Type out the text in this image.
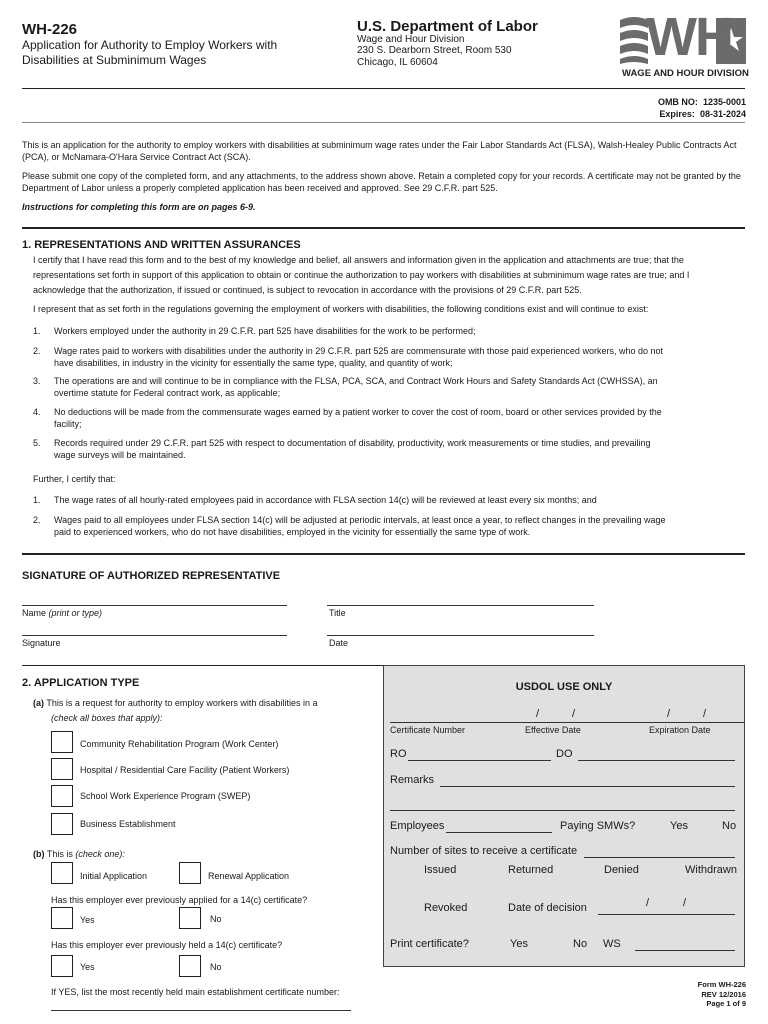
WH-226
Application for Authority to Employ Workers with
Disabilities at Subminimum Wages
U.S. Department of Labor
Wage and Hour Division
230 S. Dearborn Street, Room 530
Chicago, IL 60604	WH
WAGE AND HOUR DIVISION
OMB NO: 1235-0001
Expires: 08-31-2024
This is an application for the authority to employ workers with disabilities at subminimum wage rates under the Fair Labor Standards Act (FLSA), Walsh-Healey Public Contracts Act (PCA), or McNamara-O'Hara Service Contract Act (SCA).
Please submit one copy of the completed form, and any attachments, to the address shown above. Retain a completed copy for your records. A certificate may not be granted by the Department of Labor unless a properly completed application has been received and approved. See 29 C.F.R. part 525.
Instructions for completing this form are on pages 6-9.
1. REPRESENTATIONS AND WRITTEN ASSURANCES
I certify that I have read this form and to the best of my knowledge and belief, all answers and information given in the application and attachments are true; that the representations set forth in support of this application to obtain or continue the authorization to pay workers with disabilities at subminimum wage rates are true; and I acknowledge that the authorization, if issued or continued, is subject to revocation in accordance with the provisions of 29 C.F.R. part 525.
I represent that as set forth in the regulations governing the employment of workers with disabilities, the following conditions exist and will continue to exist:
1. Workers employed under the authority in 29 C.F.R. part 525 have disabilities for the work to be performed;
2. Wage rates paid to workers with disabilities under the authority in 29 C.F.R. part 525 are commensurate with those paid experienced workers, who do not
have disabilities, in industry in the vicinity for essentially the same type, quality, and quantity of work;
3. The operations are and will continue to be in compliance with the FLSA, PCA, SCA, and Contract Work Hours and Safety Standards Act (CWHSSA), an
overtime statute for Federal contract work, as applicable;
4. No deductions will be made from the commensurate wages earned by a patient worker to cover the cost of room, board or other services provided by the
facility;
5. Records required under 29 C.F.R. part 525 with respect to documentation of disability, productivity, work measurements or time studies, and prevailing
wage surveys will be maintained.
Further, I certify that:
1. The wage rates of all hourly-rated employees paid in accordance with FLSA section 14(c) will be reviewed at least every six months; and
2. Wages paid to all employees under FLSA section 14(c) will be adjusted at periodic intervals, at least once a year, to reflect changes in the prevailing wage
paid to experienced workers, who do not have disabilities, employed in the vicinity for essentially the same type of work.
SIGNATURE OF AUTHORIZED REPRESENTATIVE
Name (print or type)	Title
Signature	Date
2. APPLICATION TYPE
(a) This is a request for authority to employ workers with disabilities in a
(check all boxes that apply):
Community Rehabilitation Program (Work Center)
Hospital / Residential Care Facility (Patient Workers)
School Work Experience Program (SWEP)
Business Establishment
(b) This is (check one):
Initial Application	Renewal Application
Has this employer ever previously applied for a 14(c) certificate?
Yes	No
Has this employer ever previously held a 14(c) certificate?
Yes	No
If YES, list the most recently held main establishment certificate number:
USDOL USE ONLY
/	/	/	/
Certificate Number	Effective Date	Expiration Date
RO	DO
Remarks
Employees	Paying SMWs?	Yes	No
Number of sites to receive a certificate
Issued	Returned	Denied	Withdrawn
Revoked	Date of decision	/	/
Print certificate?	Yes	No WS
Form WH-226
REV 12/2016
Page 1 of 9
